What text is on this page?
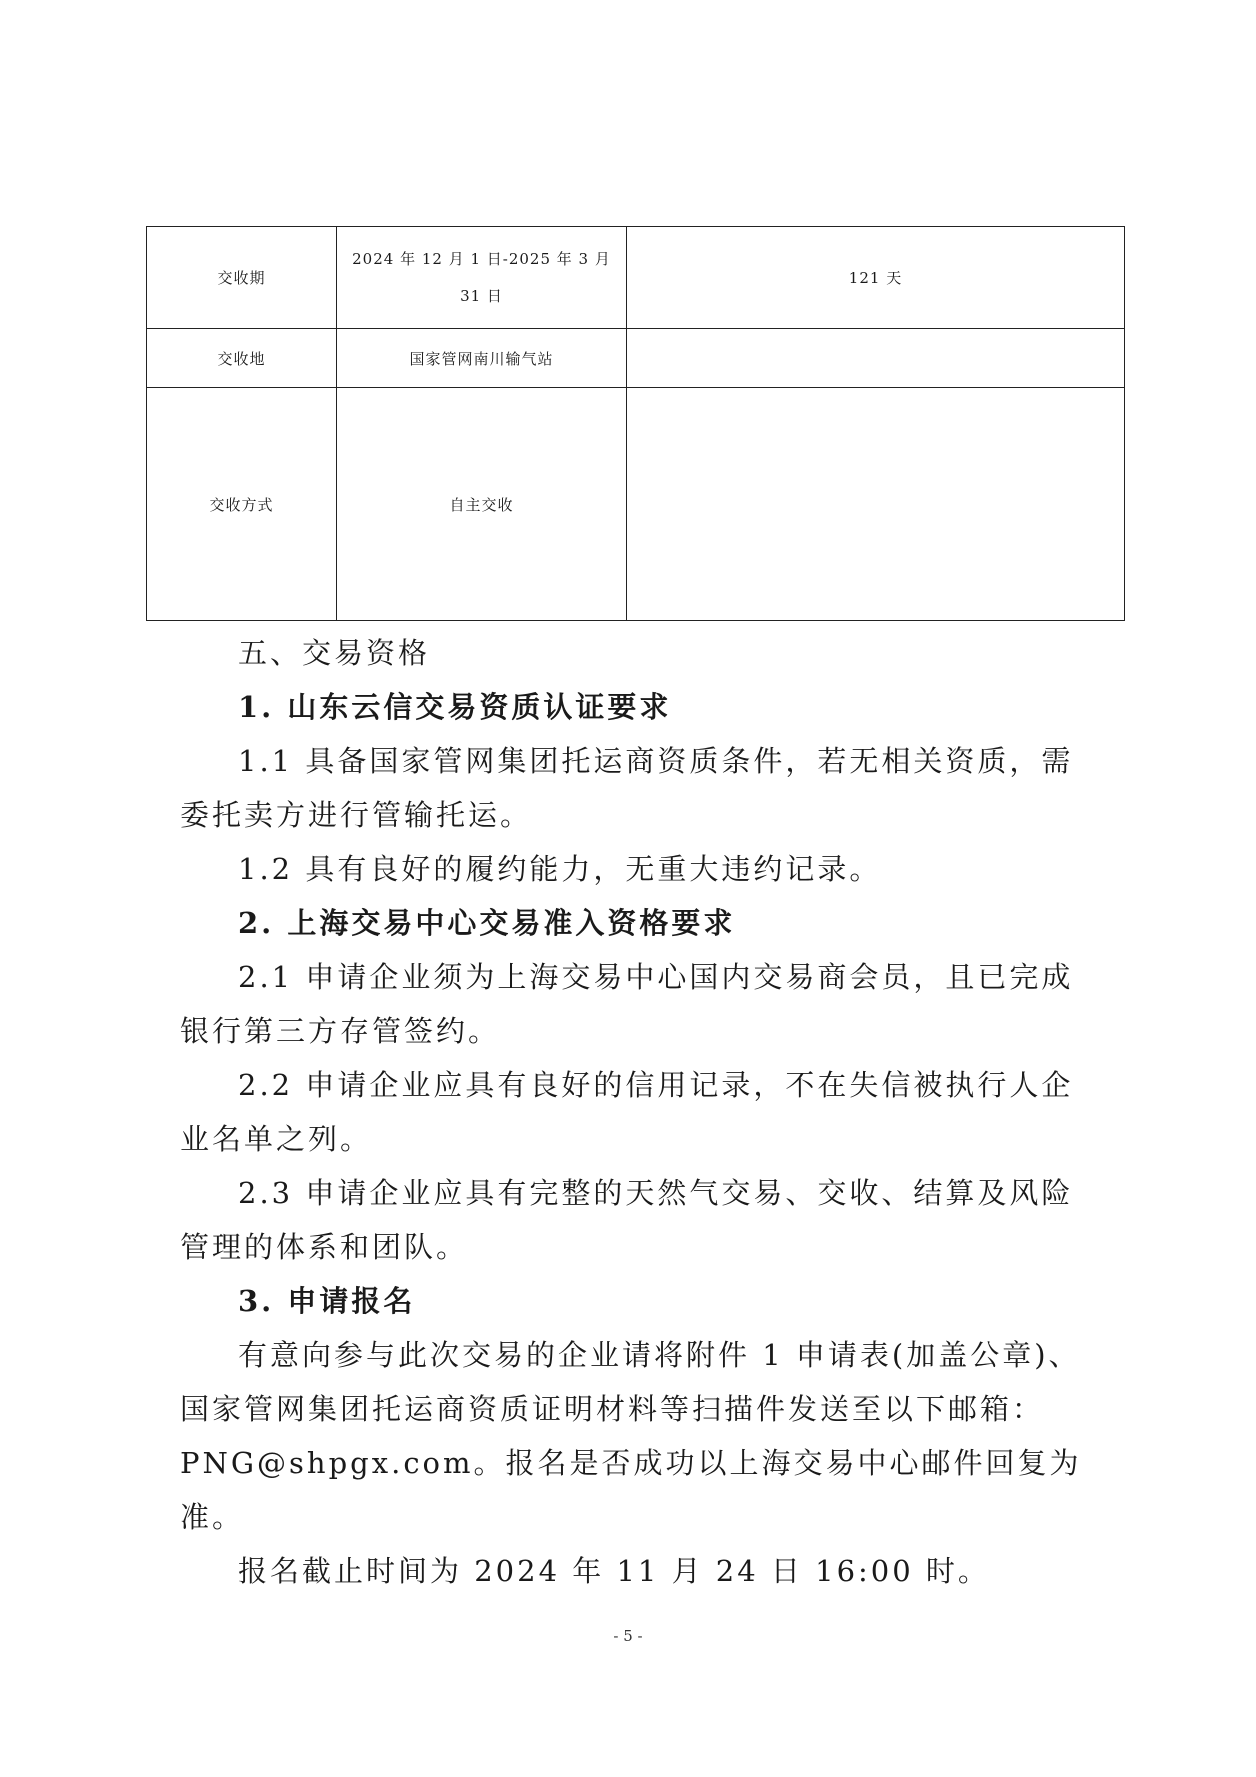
交收期	2024 年 12 月 1 日-2025 年 3 月 31 日	121 天
交收地	国家管网南川输气站	
交收方式	自主交收	

五、交易资格

1. 山东云信交易资质认证要求

1.1 具备国家管网集团托运商资质条件，若无相关资质，需委托卖方进行管输托运。

1.2 具有良好的履约能力，无重大违约记录。

2. 上海交易中心交易准入资格要求

2.1 申请企业须为上海交易中心国内交易商会员，且已完成银行第三方存管签约。

2.2 申请企业应具有良好的信用记录，不在失信被执行人企业名单之列。

2.3 申请企业应具有完整的天然气交易、交收、结算及风险管理的体系和团队。

3. 申请报名

有意向参与此次交易的企业请将附件 1 申请表(加盖公章)、国家管网集团托运商资质证明材料等扫描件发送至以下邮箱：PNG@shpgx.com。报名是否成功以上海交易中心邮件回复为准。

报名截止时间为 2024 年 11 月 24 日 16:00 时。

- 5 -
